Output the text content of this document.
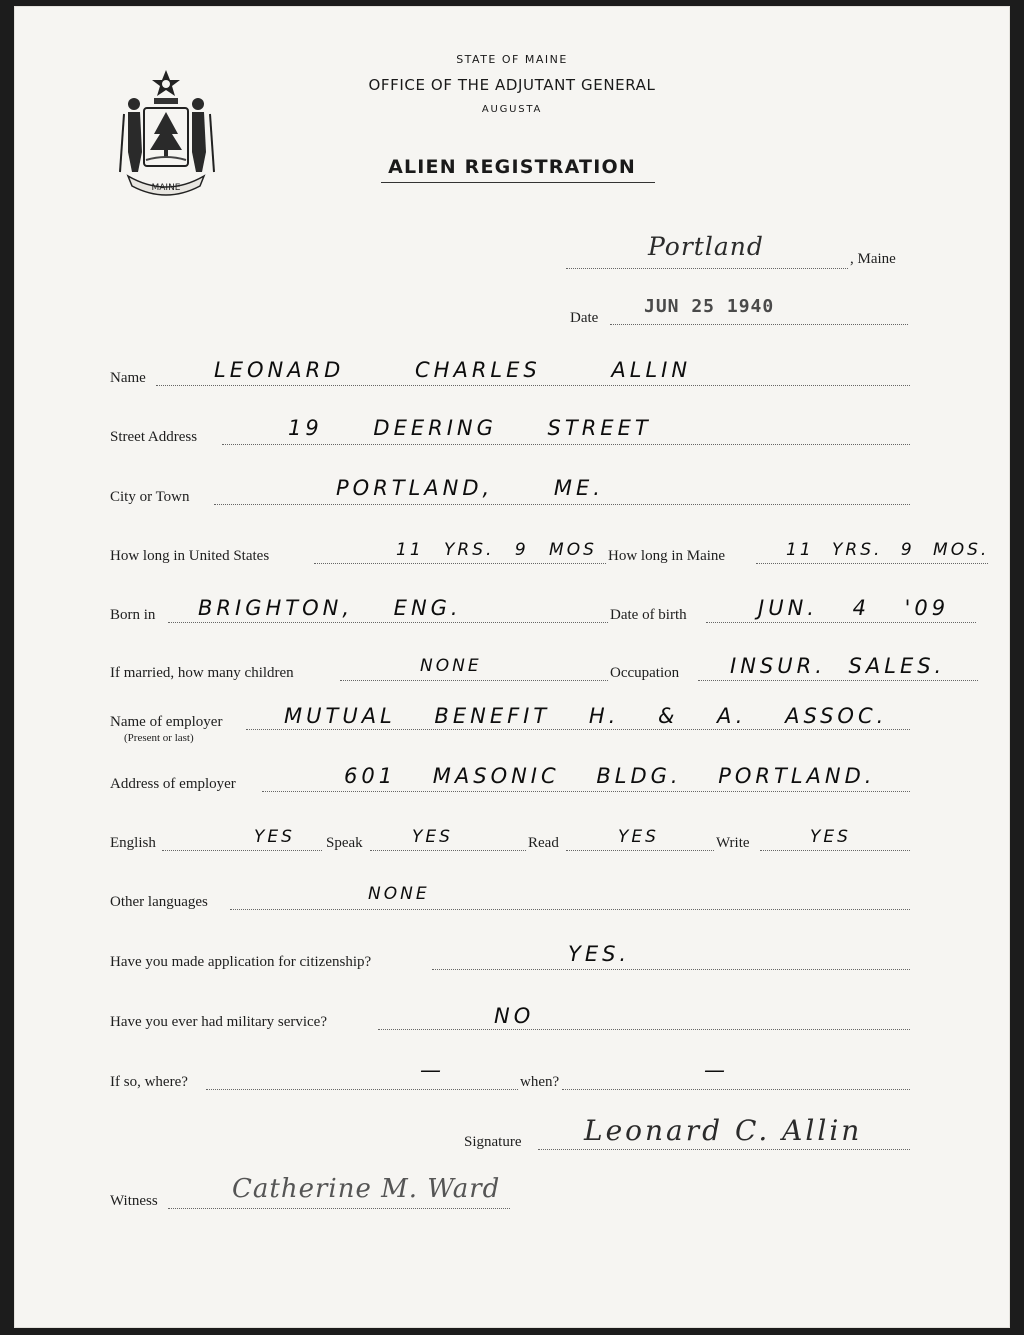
MAINE
STATE OF MAINE
OFFICE OF THE ADJUTANT GENERAL
AUGUSTA
ALIEN REGISTRATION
Portland	, Maine
Date
JUN 25 1940
Name	LEONARD CHARLES ALLIN
Street Address	19 DEERING STREET
City or Town	PORTLAND, ME.
How long in United States	11 YRS. 9 MOS How long in Maine	11 YRS. 9 MOS.
Born in BRIGHTON, ENG.	Date of birth	JUN. 4 '09
If married, how many children	NONE	Occupation INSUR. SALES.
Name of employer
(Present or last)
MUTUAL BENEFIT H. & A. ASSOC.
Address of employer	601 MASONIC BLDG. PORTLAND.
English	YES Speak	YES	Read	YES	Write	YES
Other languages	NONE
Have you made application for citizenship?	YES.
Have you ever had military service?	NO
If so, where?	—	when?	—
Signature Leonard C. Allin
Witness	Catherine M. Ward
